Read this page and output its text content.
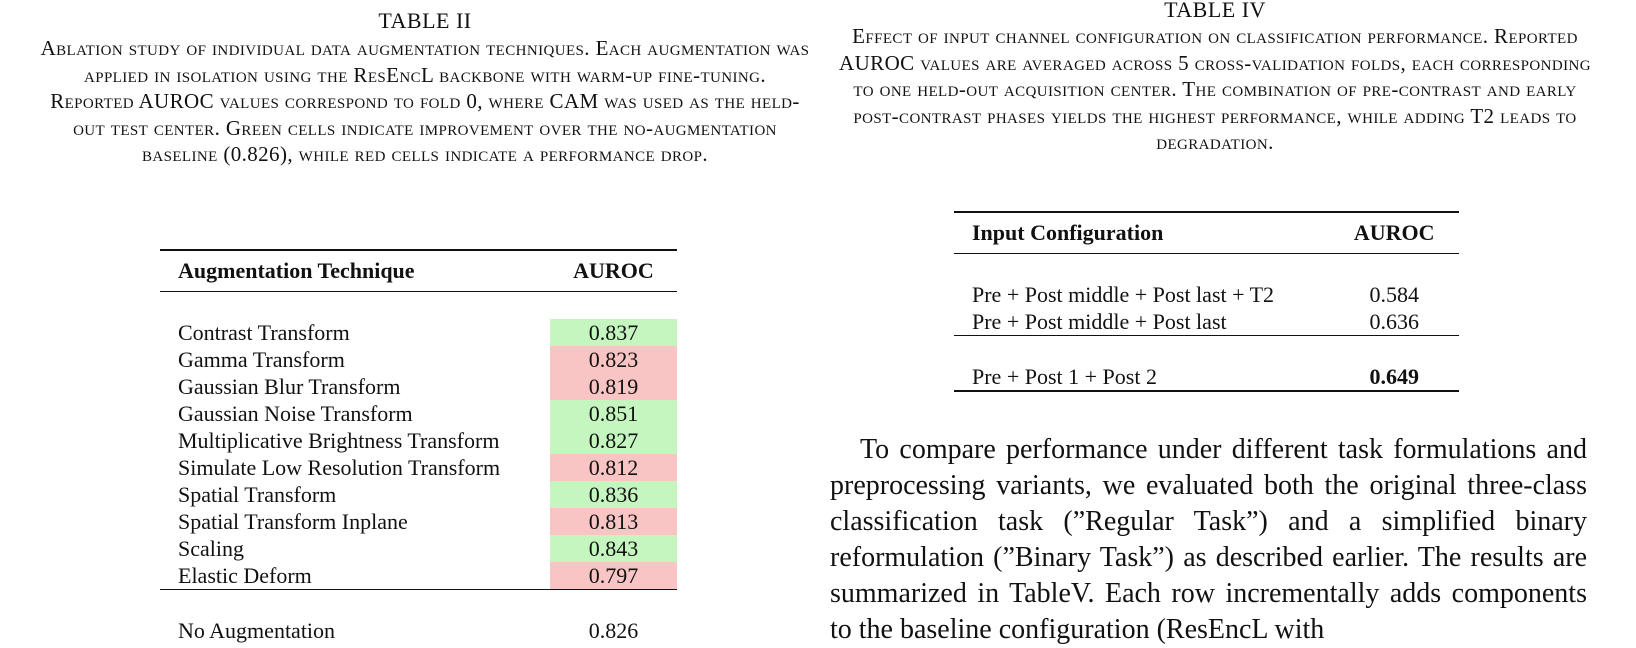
TABLE II
Ablation study of individual data augmentation techniques. Each augmentation was applied in isolation using the ResEncL backbone with warm-up fine-tuning. Reported AUROC values correspond to fold 0, where CAM was used as the held-out test center. Green cells indicate improvement over the no-augmentation baseline (0.826), while red cells indicate a performance drop.
Augmentation Technique	AUROC

Contrast Transform	0.837
Gamma Transform	0.823
Gaussian Blur Transform	0.819
Gaussian Noise Transform	0.851
Multiplicative Brightness Transform	0.827
Simulate Low Resolution Transform	0.812
Spatial Transform	0.836
Spatial Transform Inplane	0.813
Scaling	0.843
Elastic Deform	0.797

No Augmentation	0.826
TABLE IV
Effect of input channel configuration on classification performance. Reported AUROC values are averaged across 5 cross-validation folds, each corresponding to one held-out acquisition center. The combination of pre-contrast and early post-contrast phases yields the highest performance, while adding T2 leads to degradation.
Input Configuration	AUROC

Pre + Post middle + Post last + T2	0.584
Pre + Post middle + Post last	0.636

Pre + Post 1 + Post 2	0.649

To compare performance under different task formulations and preprocessing variants, we evaluated both the original three-class classification task (”Regular Task”) and a simplified binary reformulation (”Binary Task”) as described earlier. The results are summarized in TableV. Each row incrementally adds components to the baseline configuration (ResEncL with
